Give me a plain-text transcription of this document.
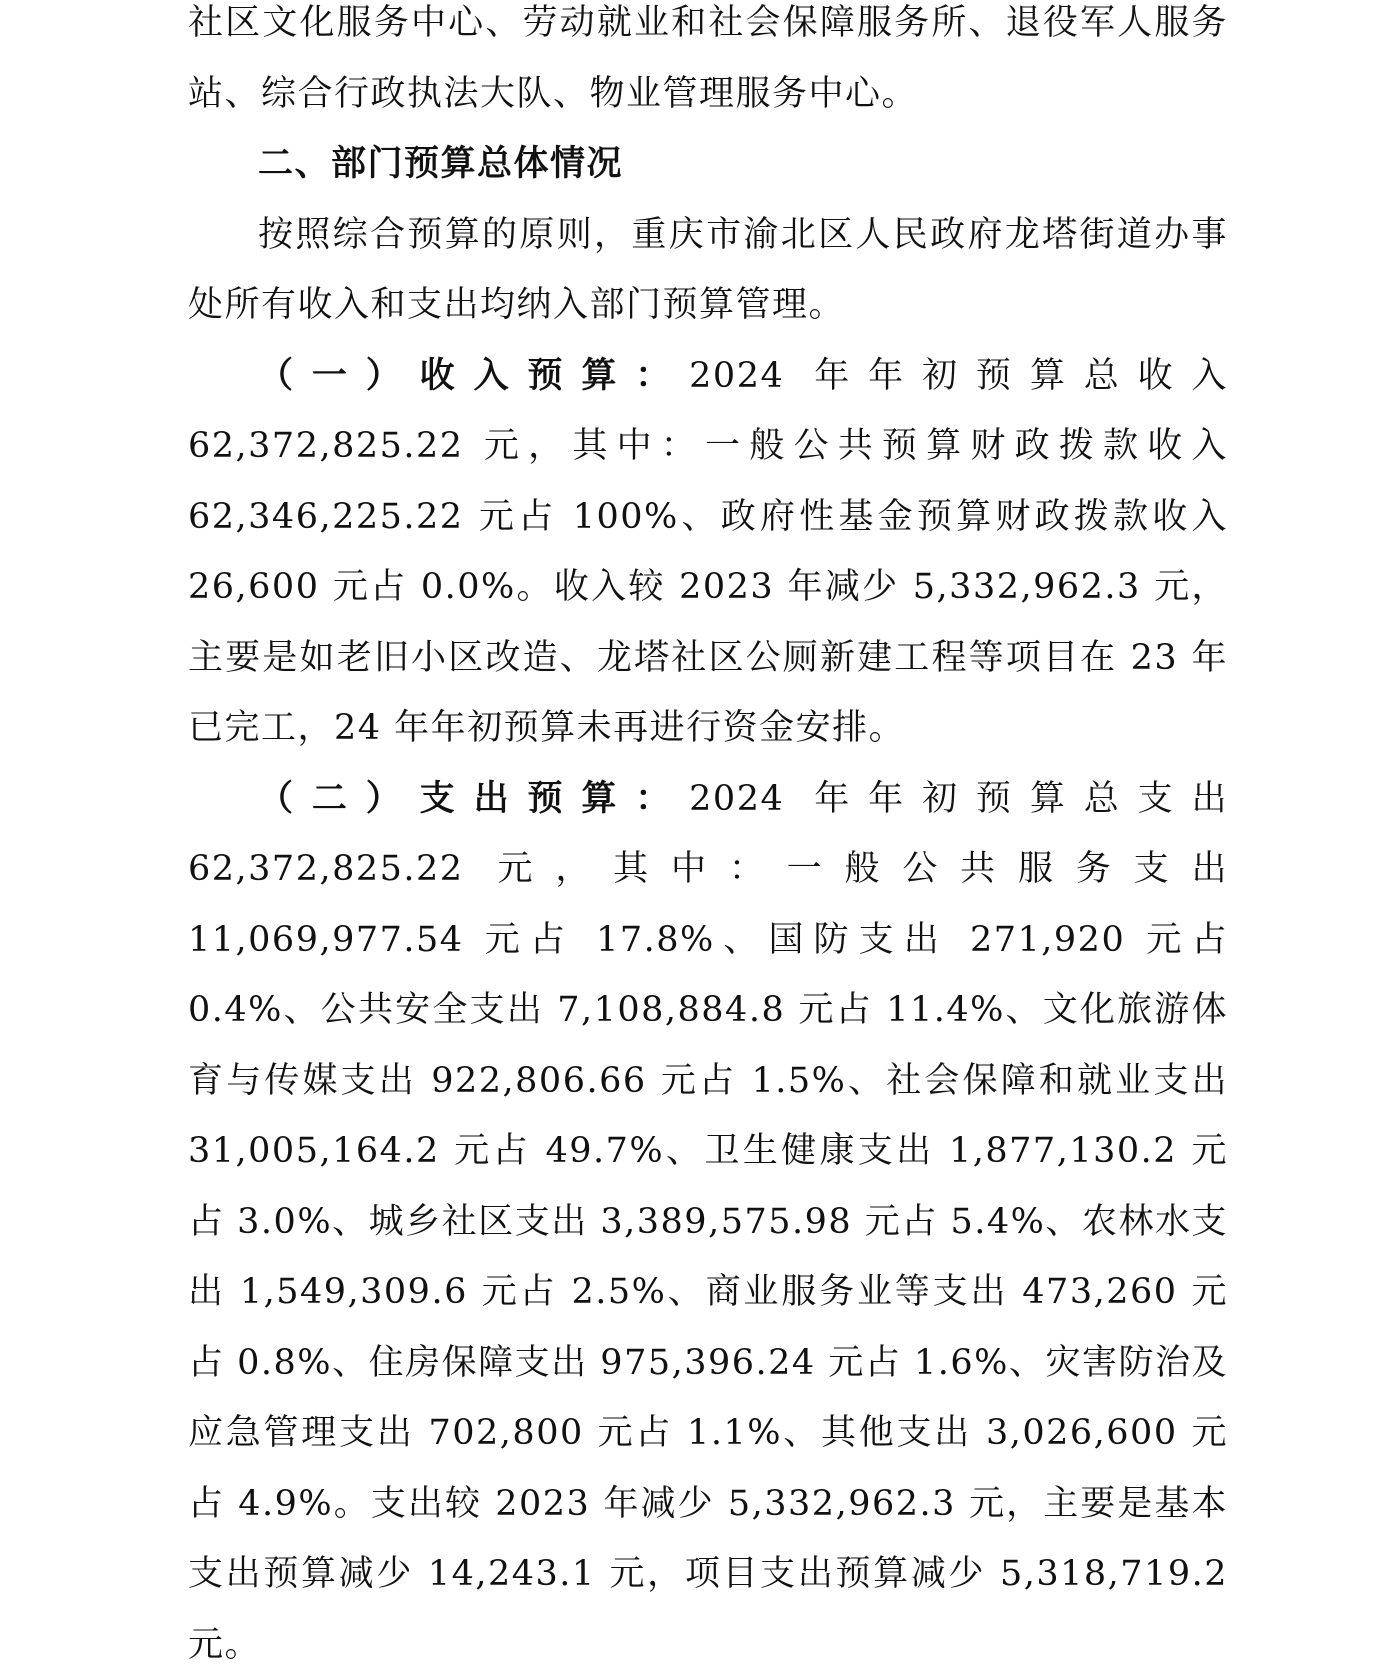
社区文化服务中心、劳动就业和社会保障服务所、退役军人服务站、综合行政执法大队、物业管理服务中心。

二、部门预算总体情况

按照综合预算的原则，重庆市渝北区人民政府龙塔街道办事处所有收入和支出均纳入部门预算管理。

（一）收入预算：2024 年年初预算总收入 62,372,825.22 元，其中：一般公共预算财政拨款收入 62,346,225.22 元占 100%、政府性基金预算财政拨款收入 26,600 元占 0.0%。收入较 2023 年减少 5,332,962.3 元，主要是如老旧小区改造、龙塔社区公厕新建工程等项目在 23 年已完工，24 年年初预算未再进行资金安排。

（二）支出预算：2024 年年初预算总支出 62,372,825.22 元，其中：一般公共服务支出 11,069,977.54 元占 17.8%、国防支出 271,920 元占 0.4%、公共安全支出 7,108,884.8 元占 11.4%、文化旅游体育与传媒支出 922,806.66 元占 1.5%、社会保障和就业支出 31,005,164.2 元占 49.7%、卫生健康支出 1,877,130.2 元占 3.0%、城乡社区支出 3,389,575.98 元占 5.4%、农林水支出 1,549,309.6 元占 2.5%、商业服务业等支出 473,260 元占 0.8%、住房保障支出 975,396.24 元占 1.6%、灾害防治及应急管理支出 702,800 元占 1.1%、其他支出 3,026,600 元占 4.9%。支出较 2023 年减少 5,332,962.3 元，主要是基本支出预算减少 14,243.1 元，项目支出预算减少 5,318,719.2 元。
